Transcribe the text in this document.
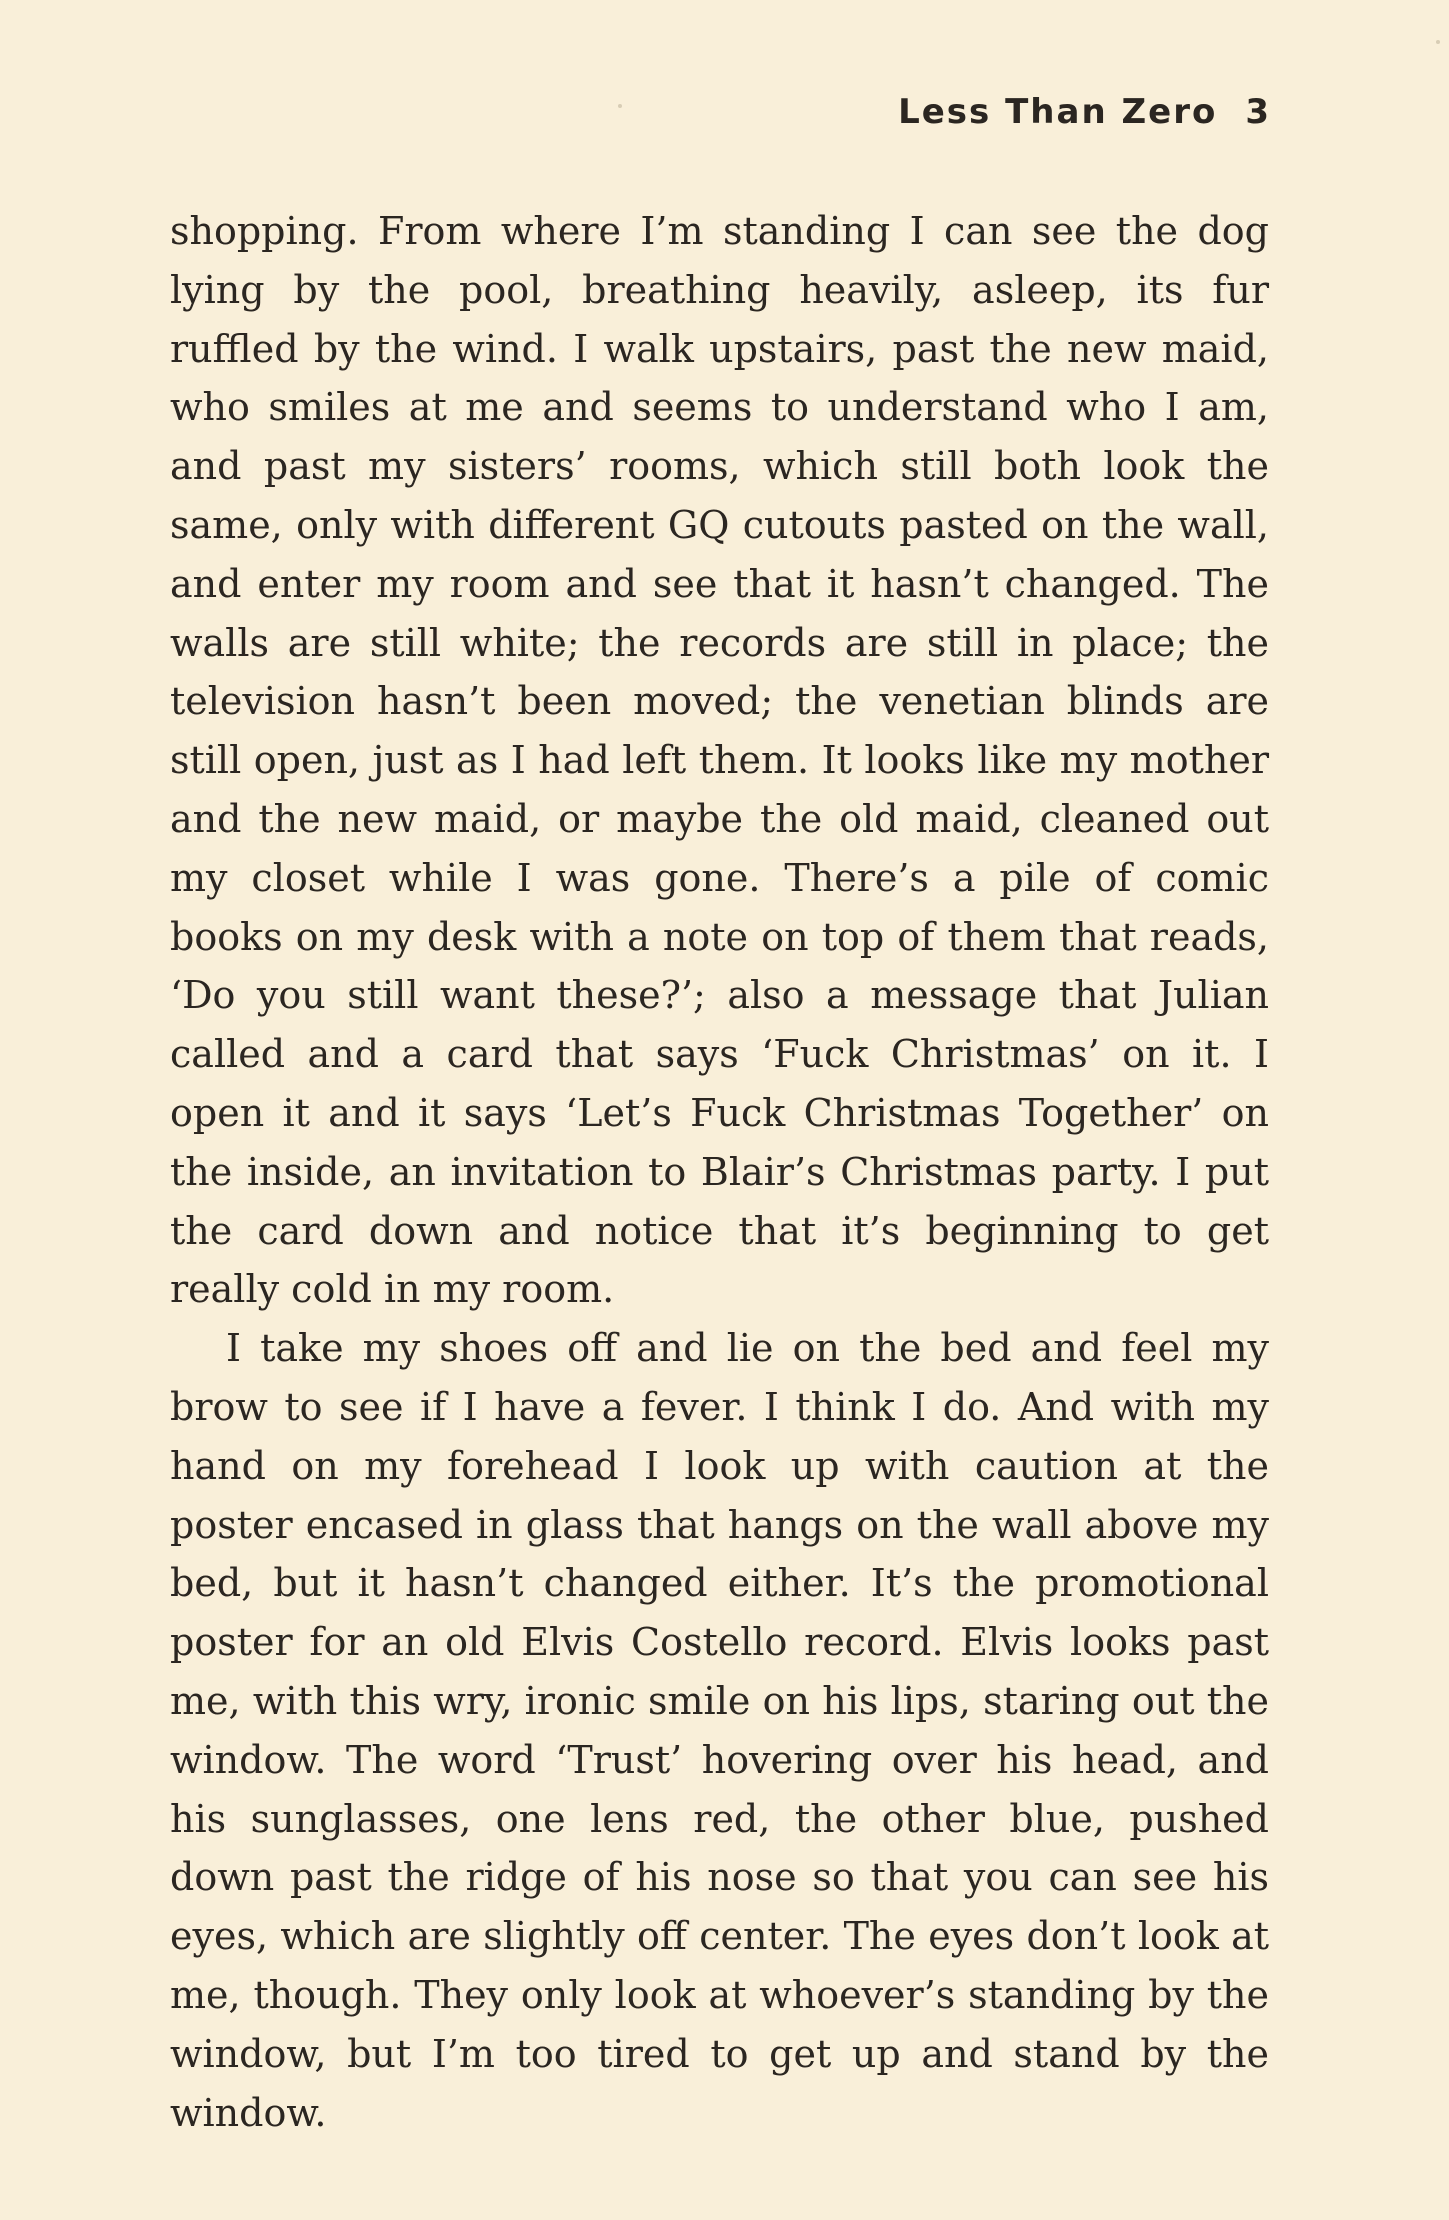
Less Than Zero 3

shopping. From where I’m standing I can see the dog lying by the pool, breathing heavily, asleep, its fur ruffled by the wind. I walk upstairs, past the new maid, who smiles at me and seems to understand who I am, and past my sisters’ rooms, which still both look the same, only with different GQ cutouts pasted on the wall, and enter my room and see that it hasn’t changed. The walls are still white; the records are still in place; the television hasn’t been moved; the venetian blinds are still open, just as I had left them. It looks like my mother and the new maid, or maybe the old maid, cleaned out my closet while I was gone. There’s a pile of comic books on my desk with a note on top of them that reads, ‘Do you still want these?’; also a message that Julian called and a card that says ‘Fuck Christmas’ on it. I open it and it says ‘Let’s Fuck Christmas Together’ on the inside, an invitation to Blair’s Christmas party. I put the card down and notice that it’s beginning to get really cold in my room.

I take my shoes off and lie on the bed and feel my brow to see if I have a fever. I think I do. And with my hand on my forehead I look up with caution at the poster encased in glass that hangs on the wall above my bed, but it hasn’t changed either. It’s the promotional poster for an old Elvis Costello record. Elvis looks past me, with this wry, ironic smile on his lips, staring out the window. The word ‘Trust’ hovering over his head, and his sunglasses, one lens red, the other blue, pushed down past the ridge of his nose so that you can see his eyes, which are slightly off center. The eyes don’t look at me, though. They only look at whoever’s standing by the window, but I’m too tired to get up and stand by the window.
